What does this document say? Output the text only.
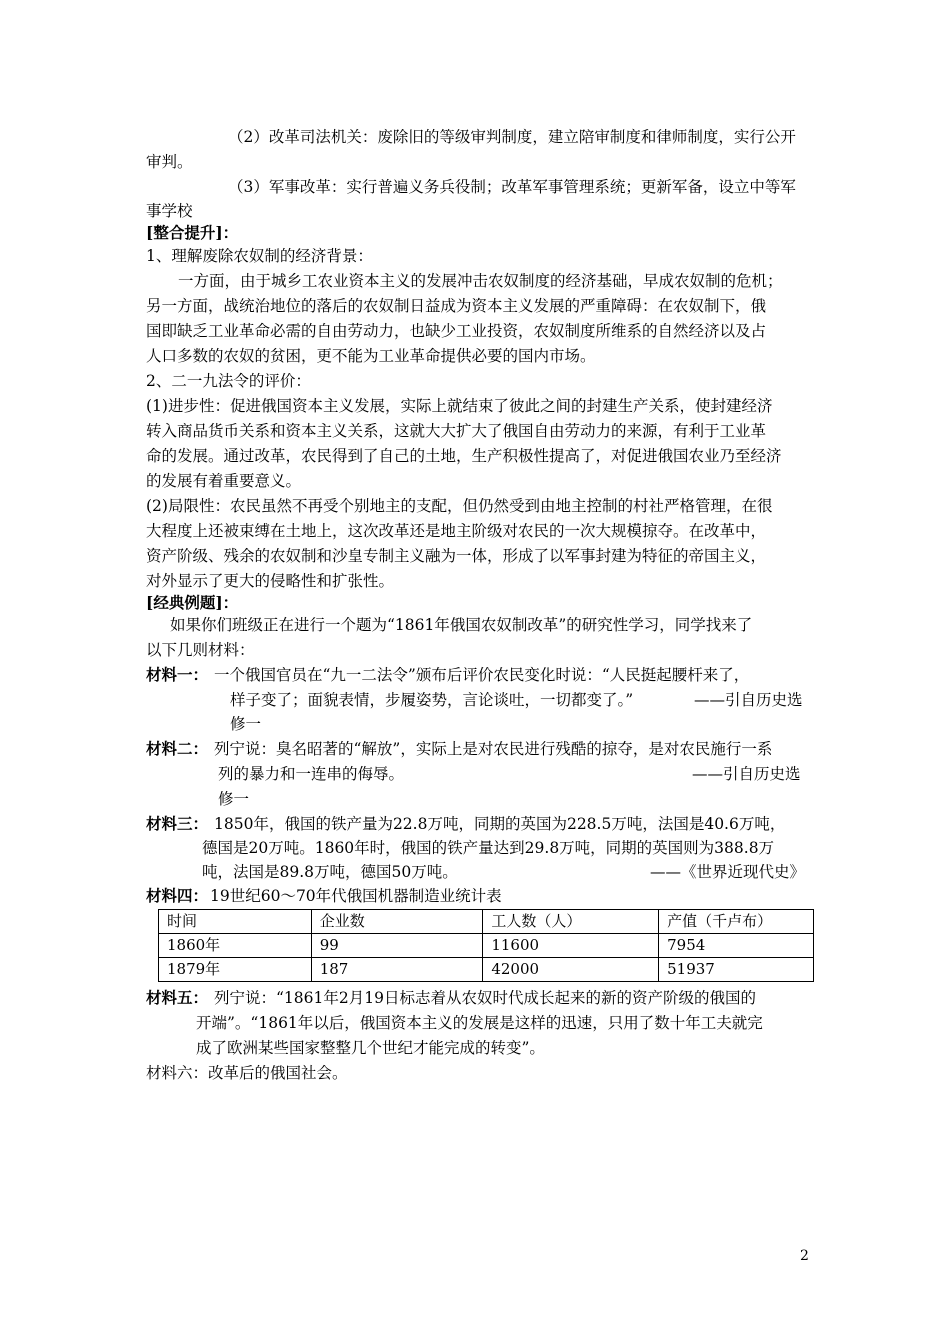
（2）改革司法机关：废除旧的等级审判制度，建立陪审制度和律师制度，实行公开
审判。
（3）军事改革：实行普遍义务兵役制；改革军事管理系统；更新军备，设立中等军
事学校
[整合提升]：
1、理解废除农奴制的经济背景：
一方面，由于城乡工农业资本主义的发展冲击农奴制度的经济基础，早成农奴制的危机；
另一方面，战统治地位的落后的农奴制日益成为资本主义发展的严重障碍：在农奴制下，俄
国即缺乏工业革命必需的自由劳动力，也缺少工业投资，农奴制度所维系的自然经济以及占
人口多数的农奴的贫困，更不能为工业革命提供必要的国内市场。
2、二一九法令的评价：
(1)进步性：促进俄国资本主义发展，实际上就结束了彼此之间的封建生产关系，使封建经济
转入商品货币关系和资本主义关系，这就大大扩大了俄国自由劳动力的来源，有利于工业革
命的发展。通过改革，农民得到了自己的土地，生产积极性提高了，对促进俄国农业乃至经济
的发展有着重要意义。
(2)局限性：农民虽然不再受个别地主的支配，但仍然受到由地主控制的村社严格管理，在很
大程度上还被束缚在土地上，这次改革还是地主阶级对农民的一次大规模掠夺。在改革中，
资产阶级、残余的农奴制和沙皇专制主义融为一体，形成了以军事封建为特征的帝国主义，
对外显示了更大的侵略性和扩张性。
[经典例题]：
如果你们班级正在进行一个题为“1861年俄国农奴制改革”的研究性学习，同学找来了
以下几则材料：
材料一： 一个俄国官员在“九一二法令”颁布后评价农民变化时说：“人民挺起腰杆来了，
样子变了；面貌表情，步履姿势，言论谈吐，一切都变了。”	——引自历史选
修一
材料二： 列宁说：臭名昭著的“解放”，实际上是对农民进行残酷的掠夺，是对农民施行一系
列的暴力和一连串的侮辱。	——引自历史选
修一
材料三： 1850年，俄国的铁产量为22.8万吨，同期的英国为228.5万吨，法国是40.6万吨，
德国是20万吨。1860年时，俄国的铁产量达到29.8万吨，同期的英国则为388.8万
吨，法国是89.8万吨，德国50万吨。	——《世界近现代史》
材料四： 19世纪60～70年代俄国机器制造业统计表
时间	企业数	工人数（人）	产值（千卢布）
1860年	99	11600	7954
1879年	187	42000	51937
材料五： 列宁说：“1861年2月19日标志着从农奴时代成长起来的新的资产阶级的俄国的
开端”。“1861年以后，俄国资本主义的发展是这样的迅速，只用了数十年工夫就完
成了欧洲某些国家整整几个世纪才能完成的转变”。
材料六：改革后的俄国社会。
2
